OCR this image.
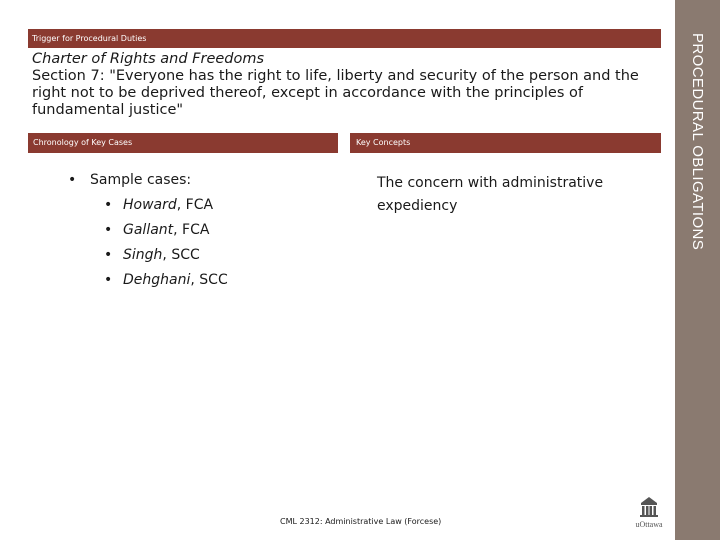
PROCEDURAL OBLIGATIONS
Trigger for Procedural Duties
Charter of Rights and Freedoms
Section 7: "Everyone has the right to life, liberty and security of the person and the right not to be deprived thereof, except in accordance with the principles of fundamental justice"
Chronology of Key Cases	Key Concepts
• Sample cases:
• Howard, FCA
• Gallant, FCA
• Singh, SCC
• Dehghani, SCC
The concern with administrative expediency
CML 2312: Administrative Law (Forcese)	uOttawa
